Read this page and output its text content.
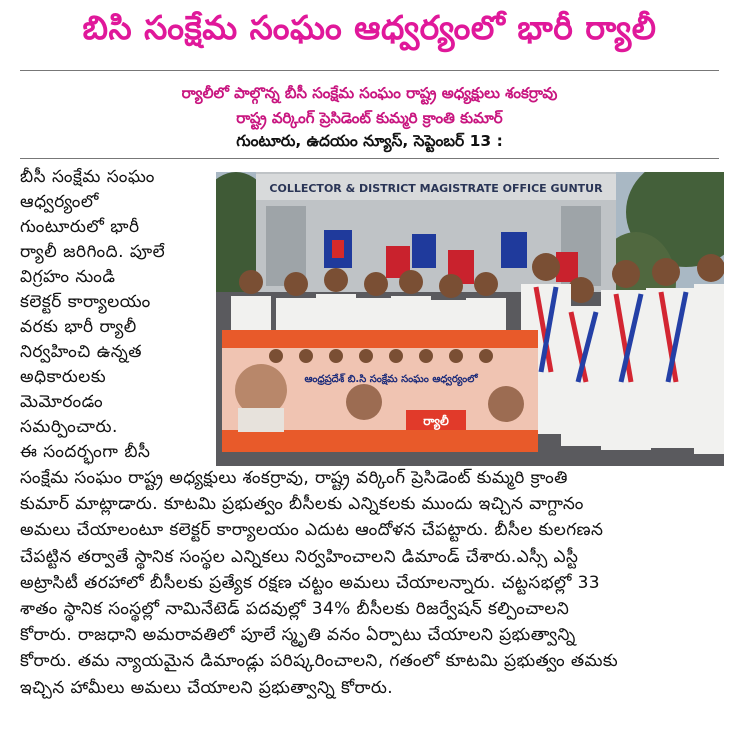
బిసి సంక్షేమ సంఘం ఆధ్వర్యంలో భారీ ర్యాలీ
ర్యాలీలో పాల్గొన్న బీసీ సంక్షేమ సంఘం రాష్ట్ర అధ్యక్షులు శంకర్రావు
రాష్ట్ర వర్కింగ్ ప్రెసిడెంట్ కుమ్మరి క్రాంతి కుమార్
గుంటూరు, ఉదయం న్యూస్, సెప్టెంబర్ 13 :
బీసీ సంక్షేమ సంఘం
ఆధ్వర్యంలో
గుంటూరులో భారీ
ర్యాలీ జరిగింది. పూలే
విగ్రహం నుండి
కలెక్టర్ కార్యాలయం
వరకు భారీ ర్యాలీ
నిర్వహించి ఉన్నత
అధికారులకు
మెమోరండం
సమర్పించారు.
ఈ సందర్భంగా బీసీ
COLLECTOR & DISTRICT MAGISTRATE OFFICE GUNTUR
ఆంధ్రప్రదేశ్ బి.సి సంక్షేమ సంఘం ఆధ్వర్యంలో
ర్యాలీ
సంక్షేమ సంఘం రాష్ట్ర అధ్యక్షులు శంకర్రావు, రాష్ట్ర వర్కింగ్ ప్రెసిడెంట్ కుమ్మరి క్రాంతి
కుమార్ మాట్లాడారు. కూటమి ప్రభుత్వం బీసీలకు ఎన్నికలకు ముందు ఇచ్చిన వాగ్దానం
అమలు చేయాలంటూ కలెక్టర్ కార్యాలయం ఎదుట ఆందోళన చేపట్టారు. బీసీల కులగణన
చేపట్టిన తర్వాతే స్థానిక సంస్థల ఎన్నికలు నిర్వహించాలని డిమాండ్ చేశారు.ఎస్సీ ఎస్టీ
అట్రాసిటీ తరహాలో బీసీలకు ప్రత్యేక రక్షణ చట్టం అమలు చేయాలన్నారు. చట్టసభల్లో 33
శాతం స్థానిక సంస్థల్లో నామినేటెడ్ పదవుల్లో 34% బీసీలకు రిజర్వేషన్ కల్పించాలని
కోరారు. రాజధాని అమరావతిలో పూలే స్మృతి వనం ఏర్పాటు చేయాలని ప్రభుత్వాన్ని
కోరారు. తమ న్యాయమైన డిమాండ్లు పరిష్కరించాలని, గతంలో కూటమి ప్రభుత్వం తమకు
ఇచ్చిన హామీలు అమలు చేయాలని ప్రభుత్వాన్ని కోరారు.
